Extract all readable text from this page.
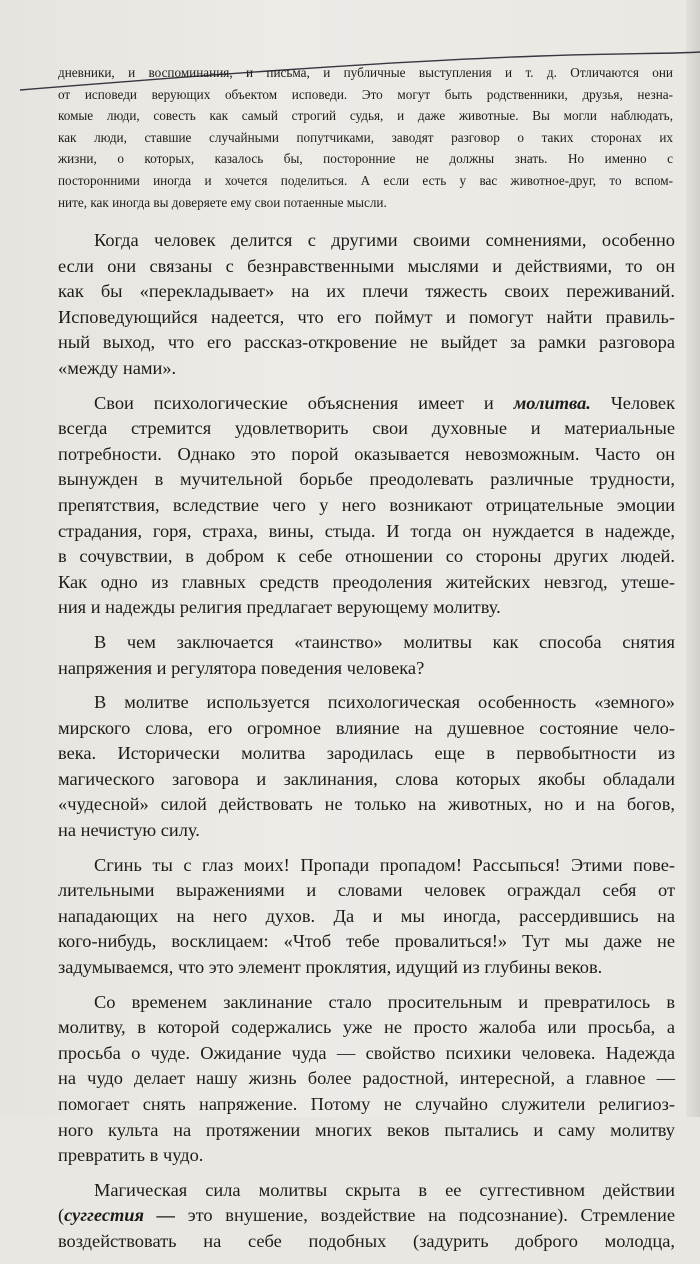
дневники, и воспоминания, и письма, и публичные выступления и т. д. Отличаются они
от исповеди верующих объектом исповеди. Это могут быть родственники, друзья, незна-
комые люди, совесть как самый строгий судья, и даже животные. Вы могли наблюдать,
как люди, ставшие случайными попутчиками, заводят разговор о таких сторонах их
жизни, о которых, казалось бы, посторонние не должны знать. Но именно с
посторонними иногда и хочется поделиться. А если есть у вас животное-друг, то вспом-
ните, как иногда вы доверяете ему свои потаенные мысли.

Когда человек делится с другими своими сомнениями, особенно
если они связаны с безнравственными мыслями и действиями, то он
как бы «перекладывает» на их плечи тяжесть своих переживаний.
Исповедующийся надеется, что его поймут и помогут найти правиль-
ный выход, что его рассказ-откровение не выйдет за рамки разговора
«между нами».

Свои психологические объяснения имеет и молитва. Человек
всегда стремится удовлетворить свои духовные и материальные
потребности. Однако это порой оказывается невозможным. Часто он
вынужден в мучительной борьбе преодолевать различные трудности,
препятствия, вследствие чего у него возникают отрицательные эмоции
страдания, горя, страха, вины, стыда. И тогда он нуждается в надежде,
в сочувствии, в добром к себе отношении со стороны других людей.
Как одно из главных средств преодоления житейских невзгод, утеше-
ния и надежды религия предлагает верующему молитву.

В чем заключается «таинство» молитвы как способа снятия
напряжения и регулятора поведения человека?

В молитве используется психологическая особенность «земного»
мирского слова, его огромное влияние на душевное состояние чело-
века. Исторически молитва зародилась еще в первобытности из
магического заговора и заклинания, слова которых якобы обладали
«чудесной» силой действовать не только на животных, но и на богов,
на нечистую силу.

Сгинь ты с глаз моих! Пропади пропадом! Рассыпься! Этими пове-
лительными выражениями и словами человек ограждал себя от
нападающих на него духов. Да и мы иногда, рассердившись на
кого-нибудь, восклицаем: «Чтоб тебе провалиться!» Тут мы даже не
задумываемся, что это элемент проклятия, идущий из глубины веков.

Со временем заклинание стало просительным и превратилось в
молитву, в которой содержались уже не просто жалоба или просьба, а
просьба о чуде. Ожидание чуда — свойство психики человека. Надежда
на чудо делает нашу жизнь более радостной, интересной, а главное —
помогает снять напряжение. Потому не случайно служители религиоз-
ного культа на протяжении многих веков пытались и саму молитву
превратить в чудо.

Магическая сила молитвы скрыта в ее суггестивном действии
(суггестия — это внушение, воздействие на подсознание). Стремление
воздействовать на себе подобных (задурить доброго молодца,
